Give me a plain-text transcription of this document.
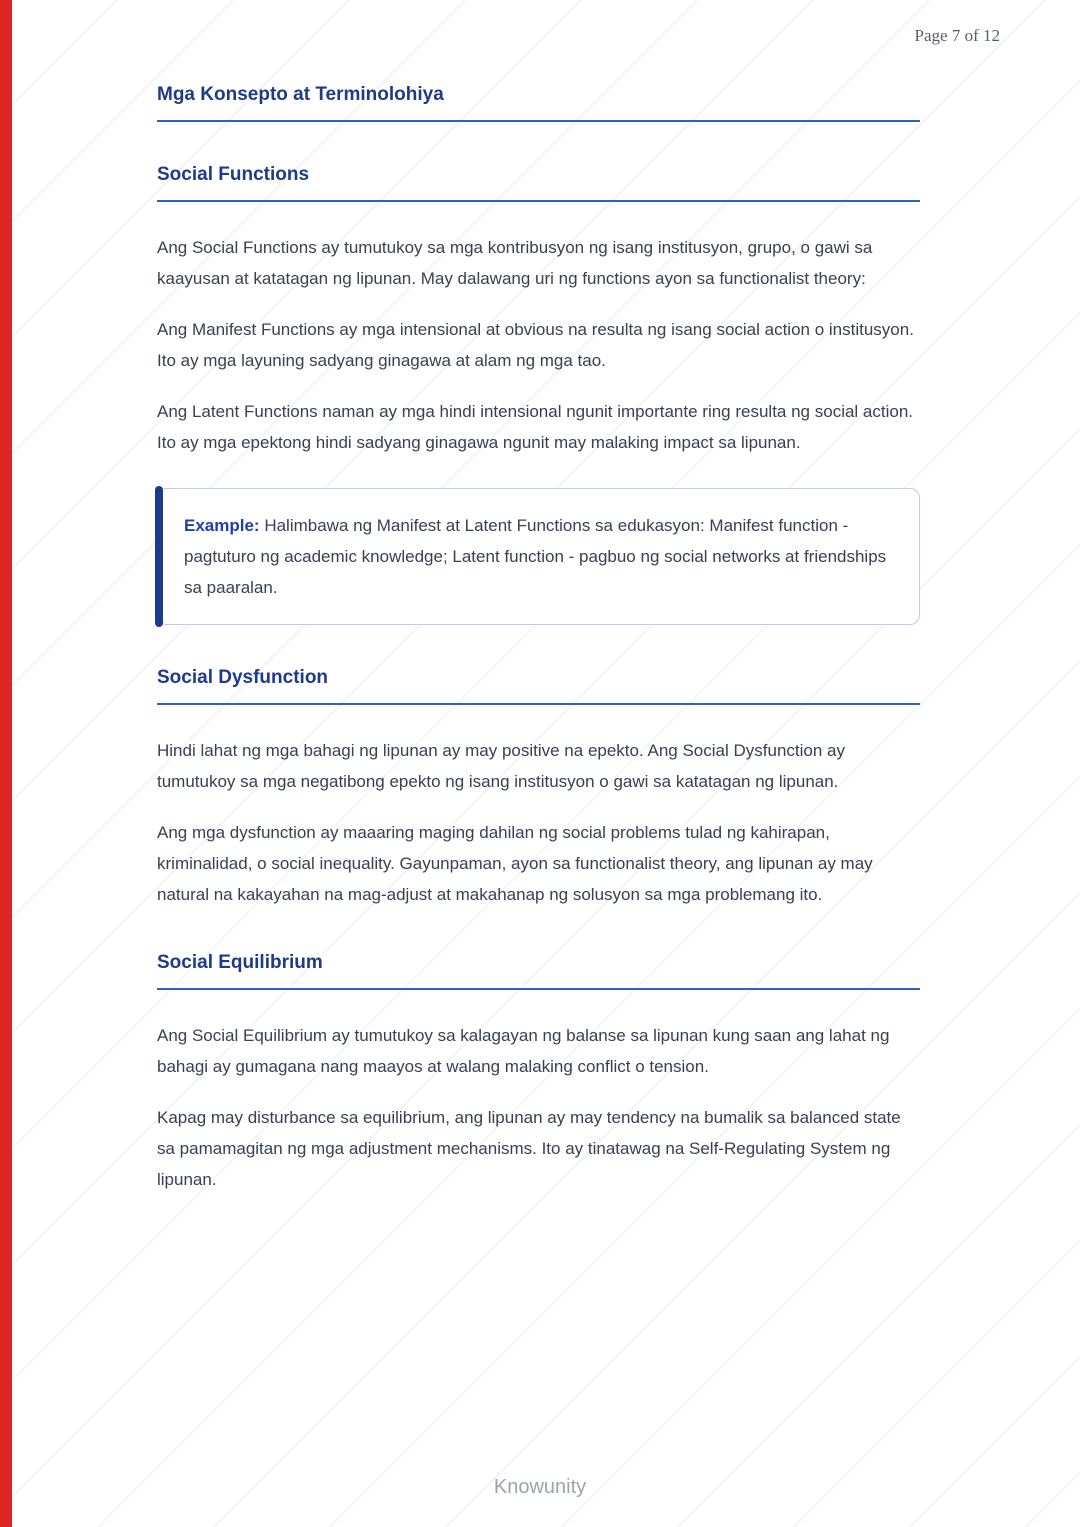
Page 7 of 12
Mga Konsepto at Terminolohiya
Social Functions

Ang Social Functions ay tumutukoy sa mga kontribusyon ng isang institusyon, grupo, o gawi sa kaayusan at katatagan ng lipunan. May dalawang uri ng functions ayon sa functionalist theory:

Ang Manifest Functions ay mga intensional at obvious na resulta ng isang social action o institusyon. Ito ay mga layuning sadyang ginagawa at alam ng mga tao.

Ang Latent Functions naman ay mga hindi intensional ngunit importante ring resulta ng social action. Ito ay mga epektong hindi sadyang ginagawa ngunit may malaking impact sa lipunan.

Example: Halimbawa ng Manifest at Latent Functions sa edukasyon: Manifest function - pagtuturo ng academic knowledge; Latent function - pagbuo ng social networks at friendships sa paaralan.

Social Dysfunction

Hindi lahat ng mga bahagi ng lipunan ay may positive na epekto. Ang Social Dysfunction ay tumutukoy sa mga negatibong epekto ng isang institusyon o gawi sa katatagan ng lipunan.

Ang mga dysfunction ay maaaring maging dahilan ng social problems tulad ng kahirapan, kriminalidad, o social inequality. Gayunpaman, ayon sa functionalist theory, ang lipunan ay may natural na kakayahan na mag-adjust at makahanap ng solusyon sa mga problemang ito.

Social Equilibrium

Ang Social Equilibrium ay tumutukoy sa kalagayan ng balanse sa lipunan kung saan ang lahat ng bahagi ay gumagana nang maayos at walang malaking conflict o tension.

Kapag may disturbance sa equilibrium, ang lipunan ay may tendency na bumalik sa balanced state sa pamamagitan ng mga adjustment mechanisms. Ito ay tinatawag na Self-Regulating System ng lipunan.

Knowunity
